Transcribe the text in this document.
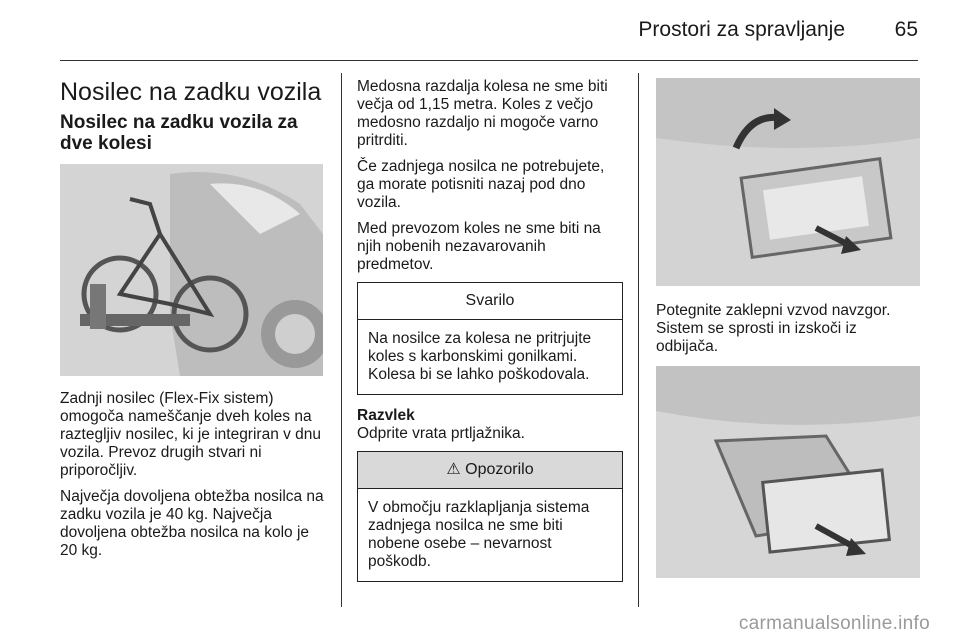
Prostori za spravljanje	65
Nosilec na zadku vozila
Nosilec na zadku vozila za dve kolesi

Zadnji nosilec (Flex-Fix sistem) omogoča nameščanje dveh koles na raztegljiv nosilec, ki je integriran v dnu vozila. Prevoz drugih stvari ni priporočljiv.

Največja dovoljena obtežba nosilca na zadku vozila je 40 kg. Največja dovoljena obtežba nosilca na kolo je 20 kg.

Medosna razdalja kolesa ne sme biti večja od 1,15 metra. Koles z večjo medosno razdaljo ni mogoče varno pritrditi.

Če zadnjega nosilca ne potrebujete, ga morate potisniti nazaj pod dno vozila.

Med prevozom koles ne sme biti na njih nobenih nezavarovanih predmetov.

Svarilo
Na nosilce za kolesa ne pritrjujte koles s karbonskimi gonilkami. Kolesa bi se lahko poškodovala.
Razvlek

Odprite vrata prtljažnika.

⚠ Opozorilo
V območju razklapljanja sistema zadnjega nosilca ne sme biti nobene osebe – nevarnost poškodb.

Potegnite zaklepni vzvod navzgor. Sistem se sprosti in izskoči iz odbijača.

carmanualsonline.info
